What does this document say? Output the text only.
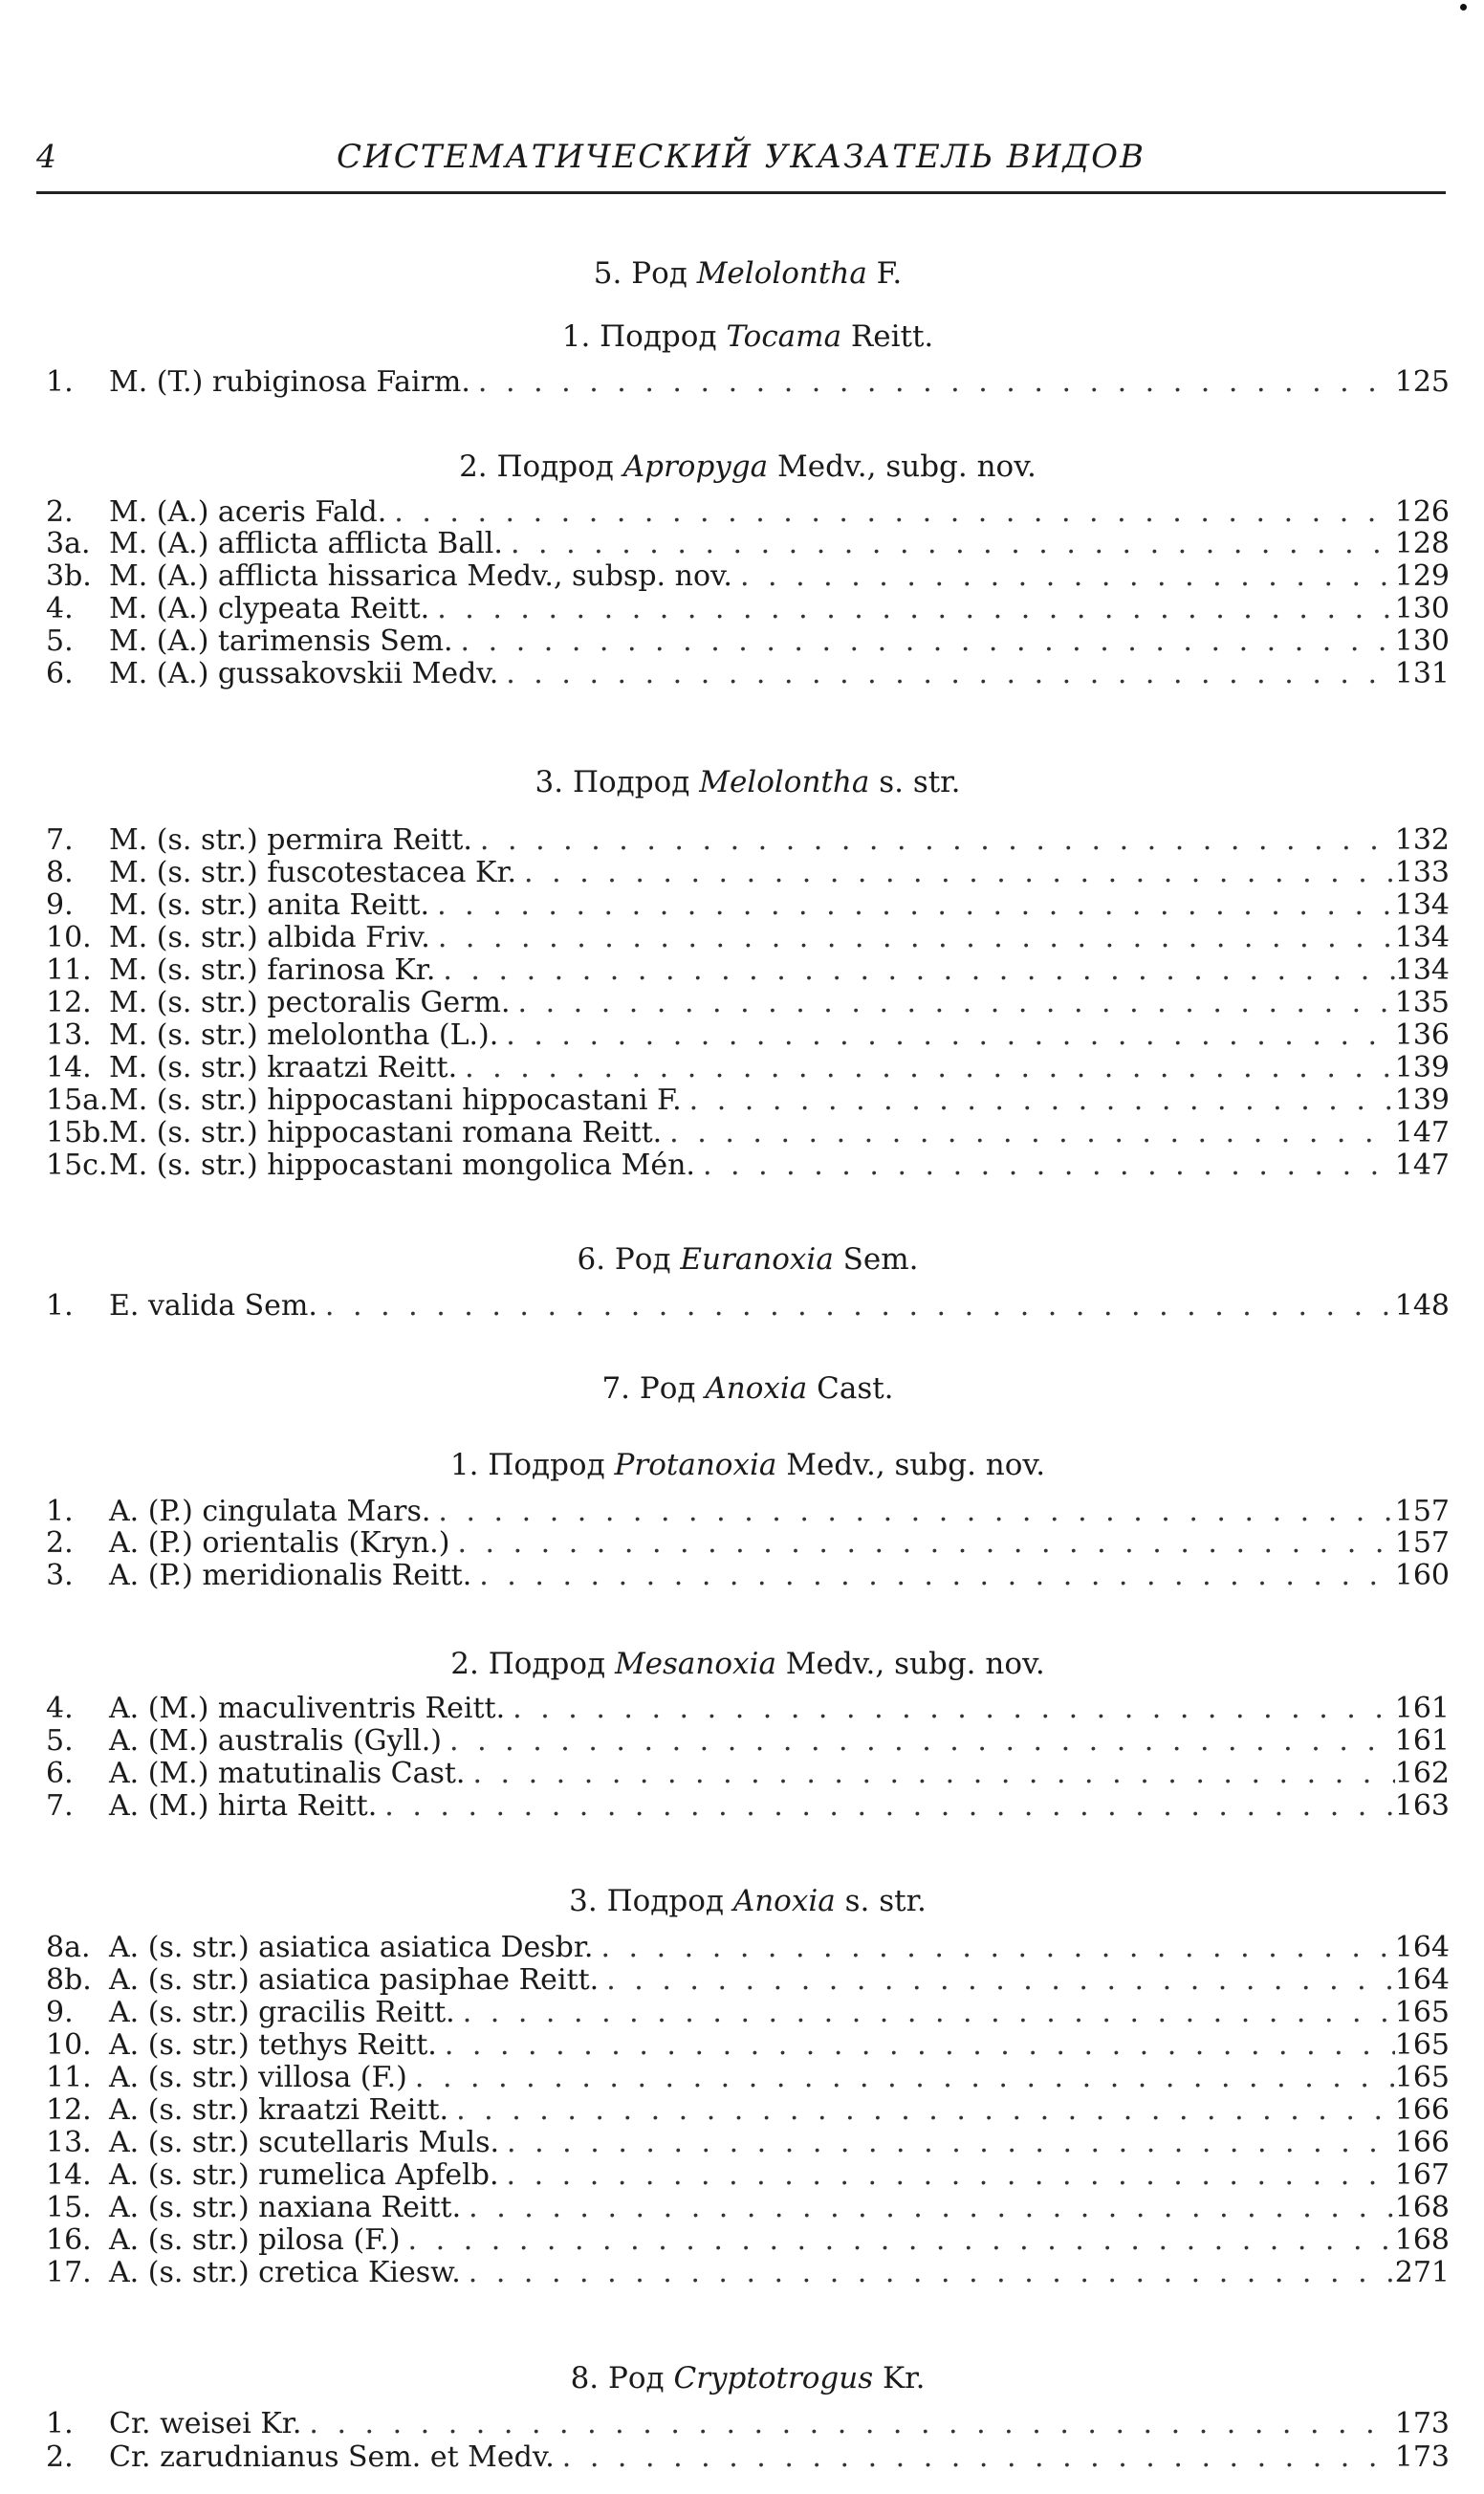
4	СИСТЕМАТИЧЕСКИЙ УКАЗАТЕЛЬ ВИДОВ
5. Род Melolontha F.
1. Подрод Tocama Reitt.
1.	M. (T.) rubiginosa Fairm. . . .	125
2. Подрод Apropyga Medv., subg. nov.
2.	M. (A.) aceris Fald. . . .	126
3a. M. (A.) afflicta afflicta Ball. . . .	128
3b. M. (A.) afflicta hissarica Medv., subsp. nov. . . .	129
4.	M. (A.) clypeata Reitt. . . .	130
5.	M. (A.) tarimensis Sem. . . .	130
6.	M. (A.) gussakovskii Medv. . . .	131
3. Подрод Melolontha s. str.
7.	M. (s. str.) permira Reitt. . . .	132
8.	M. (s. str.) fuscotestacea Kr. . . .	133
9.	M. (s. str.) anita Reitt. . . .	134
10. M. (s. str.) albida Friv. . . .	134
11. M. (s. str.) farinosa Kr. . . .	134
12. M. (s. str.) pectoralis Germ. . . .	135
13. M. (s. str.) melolontha (L.). . . .	136
14. M. (s. str.) kraatzi Reitt. . . .	139
15a. M. (s. str.) hippocastani hippocastani F. . . .	139
15b. M. (s. str.) hippocastani romana Reitt. . . .	147
15c. M. (s. str.) hippocastani mongolica Mén. . . .	147
6. Род Euranoxia Sem.
1.	E. valida Sem. . . .	148
7. Род Anoxia Cast.
1. Подрод Protanoxia Medv., subg. nov.
1.	A. (P.) cingulata Mars. . . .	157
2.	A. (P.) orientalis (Kryn.) . . .	157
3.	A. (P.) meridionalis Reitt. . . .	160
2. Подрод Mesanoxia Medv., subg. nov.
4.	A. (M.) maculiventris Reitt. . . .	161
5.	A. (M.) australis (Gyll.) . . .	161
6.	A. (M.) matutinalis Cast. . . .	162
7.	A. (M.) hirta Reitt. . . .	163
3. Подрод Anoxia s. str.
8a. A. (s. str.) asiatica asiatica Desbr. . . .	164
8b. A. (s. str.) asiatica pasiphae Reitt. . . .	164
9.	A. (s. str.) gracilis Reitt. . . .	165
10. A. (s. str.) tethys Reitt. . . .	165
11. A. (s. str.) villosa (F.) . . .	165
12. A. (s. str.) kraatzi Reitt. . . .	166
13. A. (s. str.) scutellaris Muls. . . .	166
14. A. (s. str.) rumelica Apfelb. . . .	167
15. A. (s. str.) naxiana Reitt. . . .	168
16. A. (s. str.) pilosa (F.) . . .	168
17. A. (s. str.) cretica Kiesw. . . .	271
8. Род Cryptotrogus Kr.
1.	Cr. weisei Kr. . . .	173
2.	Cr. zarudnianus Sem. et Medv. . . .	173
